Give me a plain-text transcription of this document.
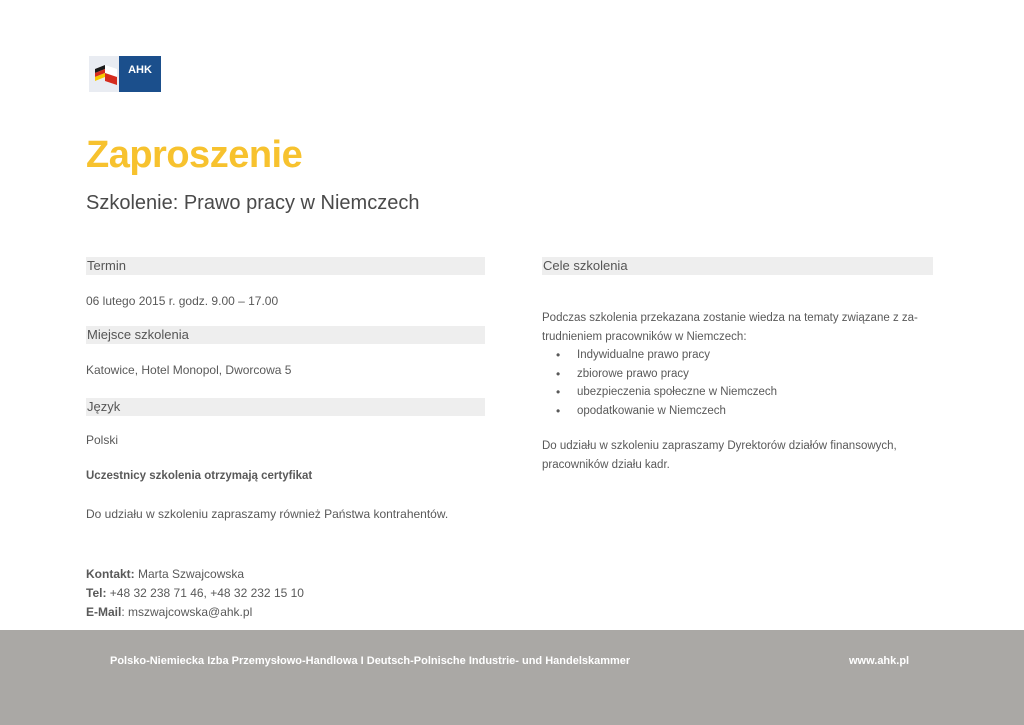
AHK
Zaproszenie
Szkolenie: Prawo pracy w Niemczech
Termin
06 lutego 2015 r. godz. 9.00 – 17.00
Miejsce szkolenia
Katowice, Hotel Monopol, Dworcowa 5
Język
Polski
Uczestnicy szkolenia otrzymają certyfikat
Do udziału w szkoleniu zapraszamy również Państwa kontrahentów.
Cele szkolenia
Podczas szkolenia przekazana zostanie wiedza na tematy związane z za-
trudnieniem pracowników w Niemczech:
• Indywidualne prawo pracy
• zbiorowe prawo pracy
• ubezpieczenia społeczne w Niemczech
• opodatkowanie w Niemczech
Do udziału w szkoleniu zapraszamy Dyrektorów działów finansowych,
pracowników działu kadr.
Kontakt: Marta Szwajcowska
Tel: +48 32 238 71 46, +48 32 232 15 10
E-Mail: mszwajcowska@ahk.pl
Polsko-Niemiecka Izba Przemysłowo-Handlowa I Deutsch-Polnische Industrie- und Handelskammer	www.ahk.pl
